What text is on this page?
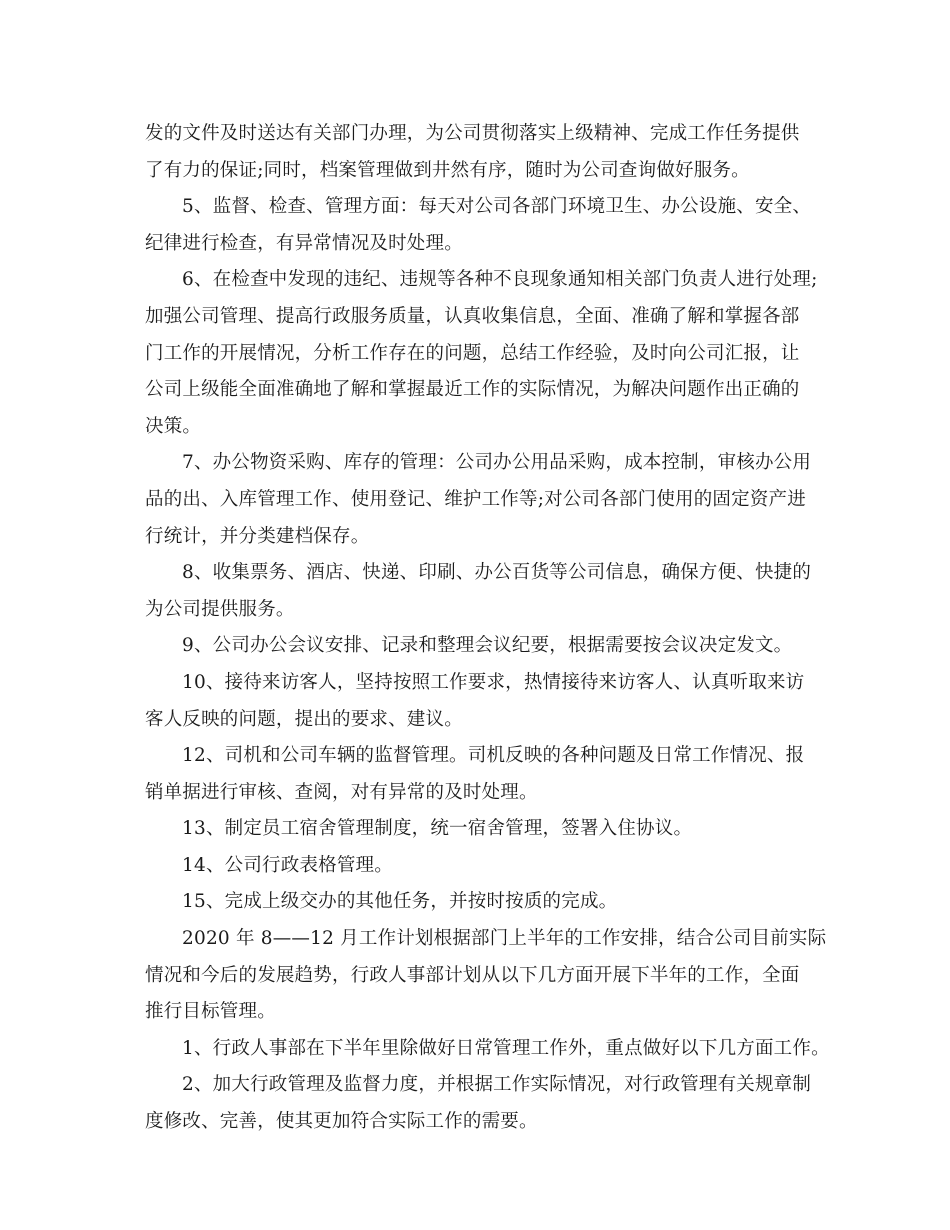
发的文件及时送达有关部门办理，为公司贯彻落实上级精神、完成工作任务提供
了有力的保证;同时，档案管理做到井然有序，随时为公司查询做好服务。
5、监督、检查、管理方面：每天对公司各部门环境卫生、办公设施、安全、
纪律进行检查，有异常情况及时处理。
6、在检查中发现的违纪、违规等各种不良现象通知相关部门负责人进行处理;
加强公司管理、提高行政服务质量，认真收集信息，全面、准确了解和掌握各部
门工作的开展情况，分析工作存在的问题，总结工作经验，及时向公司汇报，让
公司上级能全面准确地了解和掌握最近工作的实际情况，为解决问题作出正确的
决策。
7、办公物资采购、库存的管理：公司办公用品采购，成本控制，审核办公用
品的出、入库管理工作、使用登记、维护工作等;对公司各部门使用的固定资产进
行统计，并分类建档保存。
8、收集票务、酒店、快递、印刷、办公百货等公司信息，确保方便、快捷的
为公司提供服务。
9、公司办公会议安排、记录和整理会议纪要，根据需要按会议决定发文。
10、接待来访客人，坚持按照工作要求，热情接待来访客人、认真听取来访
客人反映的问题，提出的要求、建议。
12、司机和公司车辆的监督管理。司机反映的各种问题及日常工作情况、报
销单据进行审核、查阅，对有异常的及时处理。
13、制定员工宿舍管理制度，统一宿舍管理，签署入住协议。
14、公司行政表格管理。
15、完成上级交办的其他任务，并按时按质的完成。
2020 年 8——12 月工作计划根据部门上半年的工作安排，结合公司目前实际
情况和今后的发展趋势，行政人事部计划从以下几方面开展下半年的工作，全面
推行目标管理。
1、行政人事部在下半年里除做好日常管理工作外，重点做好以下几方面工作。
2、加大行政管理及监督力度，并根据工作实际情况，对行政管理有关规章制
度修改、完善，使其更加符合实际工作的需要。
